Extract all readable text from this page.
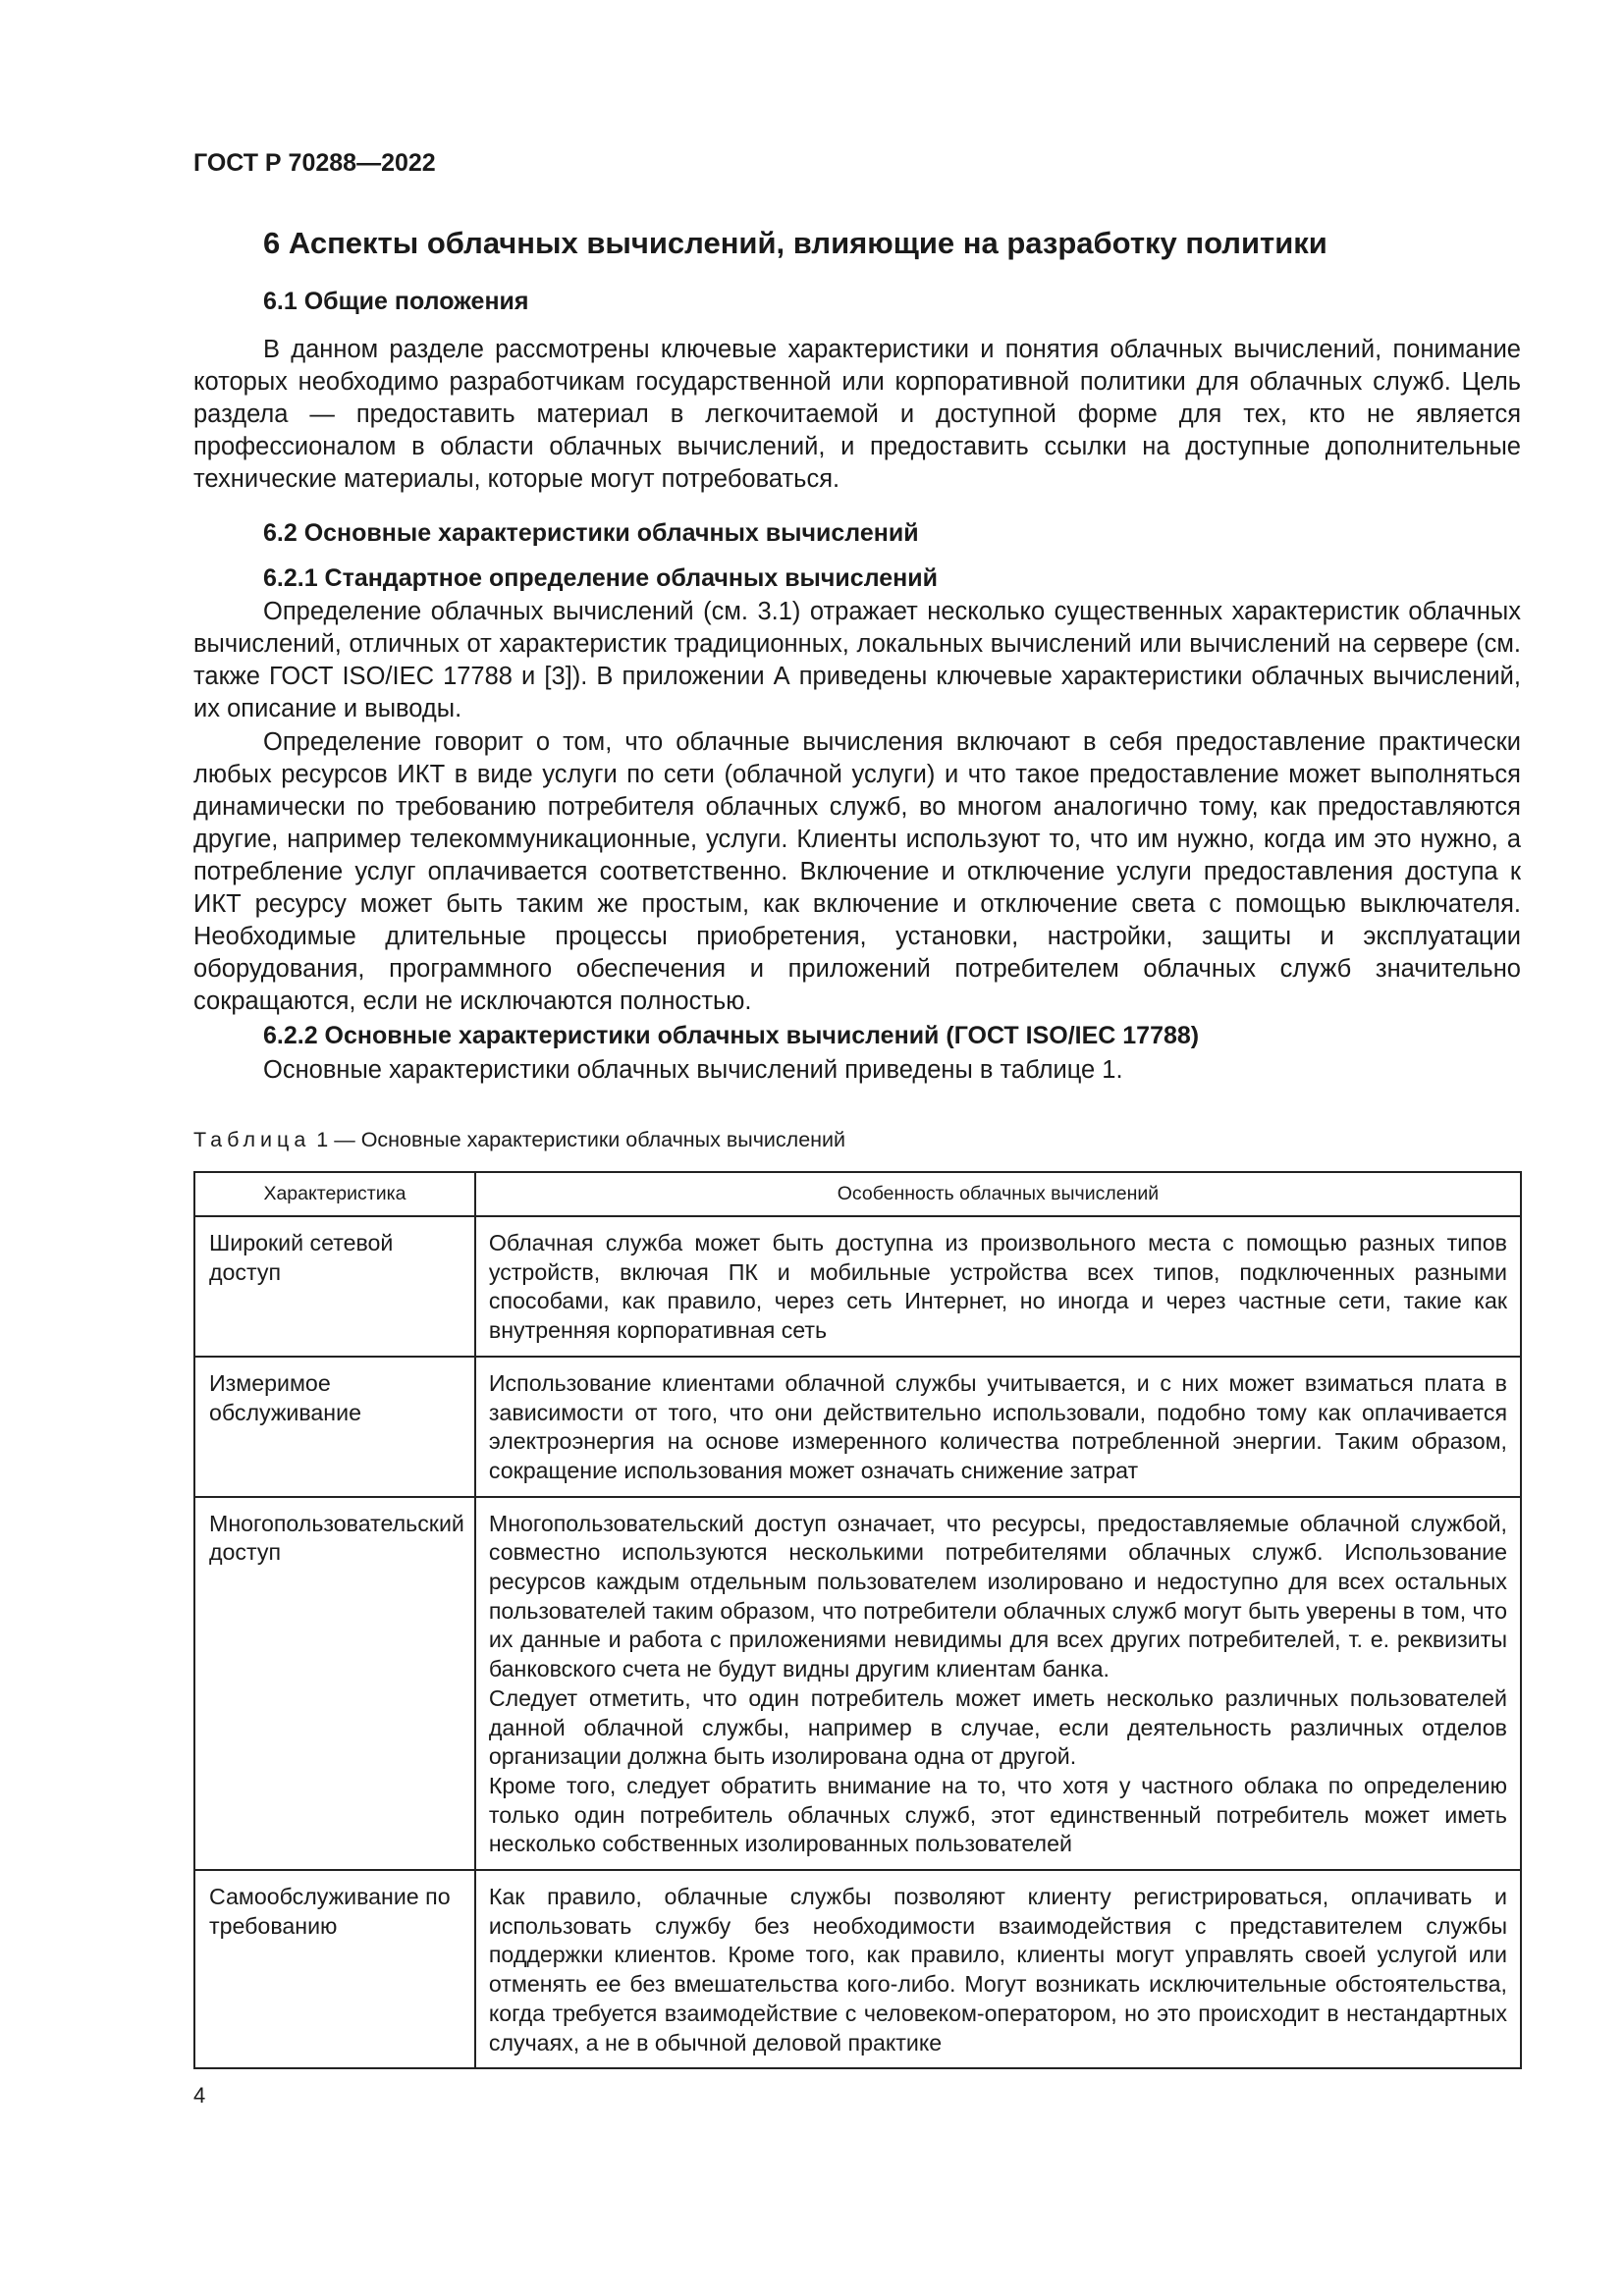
ГОСТ Р 70288—2022
6 Аспекты облачных вычислений, влияющие на разработку политики
6.1 Общие положения

В данном разделе рассмотрены ключевые характеристики и понятия облачных вычислений, понимание которых необходимо разработчикам государственной или корпоративной политики для облачных служб. Цель раздела — предоставить материал в легкочитаемой и доступной форме для тех, кто не является профессионалом в области облачных вычислений, и предоставить ссылки на доступные дополнительные технические материалы, которые могут потребоваться.

6.2 Основные характеристики облачных вычислений
6.2.1 Стандартное определение облачных вычислений

Определение облачных вычислений (см. 3.1) отражает несколько существенных характеристик облачных вычислений, отличных от характеристик традиционных, локальных вычислений или вычислений на сервере (см. также ГОСТ ISO/IEC 17788 и [3]). В приложении А приведены ключевые характеристики облачных вычислений, их описание и выводы.

Определение говорит о том, что облачные вычисления включают в себя предоставление практически любых ресурсов ИКТ в виде услуги по сети (облачной услуги) и что такое предоставление может выполняться динамически по требованию потребителя облачных служб, во многом аналогично тому, как предоставляются другие, например телекоммуникационные, услуги. Клиенты используют то, что им нужно, когда им это нужно, а потребление услуг оплачивается соответственно. Включение и отключение услуги предоставления доступа к ИКТ ресурсу может быть таким же простым, как включение и отключение света с помощью выключателя. Необходимые длительные процессы приобретения, установки, настройки, защиты и эксплуатации оборудования, программного обеспечения и приложений потребителем облачных служб значительно сокращаются, если не исключаются полностью.

6.2.2 Основные характеристики облачных вычислений (ГОСТ ISO/IEC 17788)

Основные характеристики облачных вычислений приведены в таблице 1.

Таблица 1 — Основные характеристики облачных вычислений
Характеристика	Особенность облачных вычислений
Широкий сетевой доступ	Облачная служба может быть доступна из произвольного места с помощью разных типов устройств, включая ПК и мобильные устройства всех типов, подключенных разными способами, как правило, через сеть Интернет, но иногда и через частные сети, такие как внутренняя корпоративная сеть

Измеримое обслуживание	Использование клиентами облачной службы учитывается, и с них может взиматься плата в зависимости от того, что они действительно использовали, подобно тому как оплачивается электроэнергия на основе измеренного количества потребленной энергии. Таким образом, сокращение использования может означать снижение затрат

Многопользовательский доступ	Многопользовательский доступ означает, что ресурсы, предоставляемые облачной службой, совместно используются несколькими потребителями облачных служб. Использование ресурсов каждым отдельным пользователем изолировано и недоступно для всех остальных пользователей таким образом, что потребители облачных служб могут быть уверены в том, что их данные и работа с приложениями невидимы для всех других потребителей, т. е. реквизиты банковского счета не будут видны другим клиентам банка.

Следует отметить, что один потребитель может иметь несколько различных пользователей данной облачной службы, например в случае, если деятельность различных отделов организации должна быть изолирована одна от другой.

Кроме того, следует обратить внимание на то, что хотя у частного облака по определению только один потребитель облачных служб, этот единственный потребитель может иметь несколько собственных изолированных пользователей

Самообслуживание по требованию	Как правило, облачные службы позволяют клиенту регистрироваться, оплачивать и использовать службу без необходимости взаимодействия с представителем службы поддержки клиентов. Кроме того, как правило, клиенты могут управлять своей услугой или отменять ее без вмешательства кого-либо. Могут возникать исключительные обстоятельства, когда требуется взаимодействие с человеком-оператором, но это происходит в нестандартных случаях, а не в обычной деловой практике

4
